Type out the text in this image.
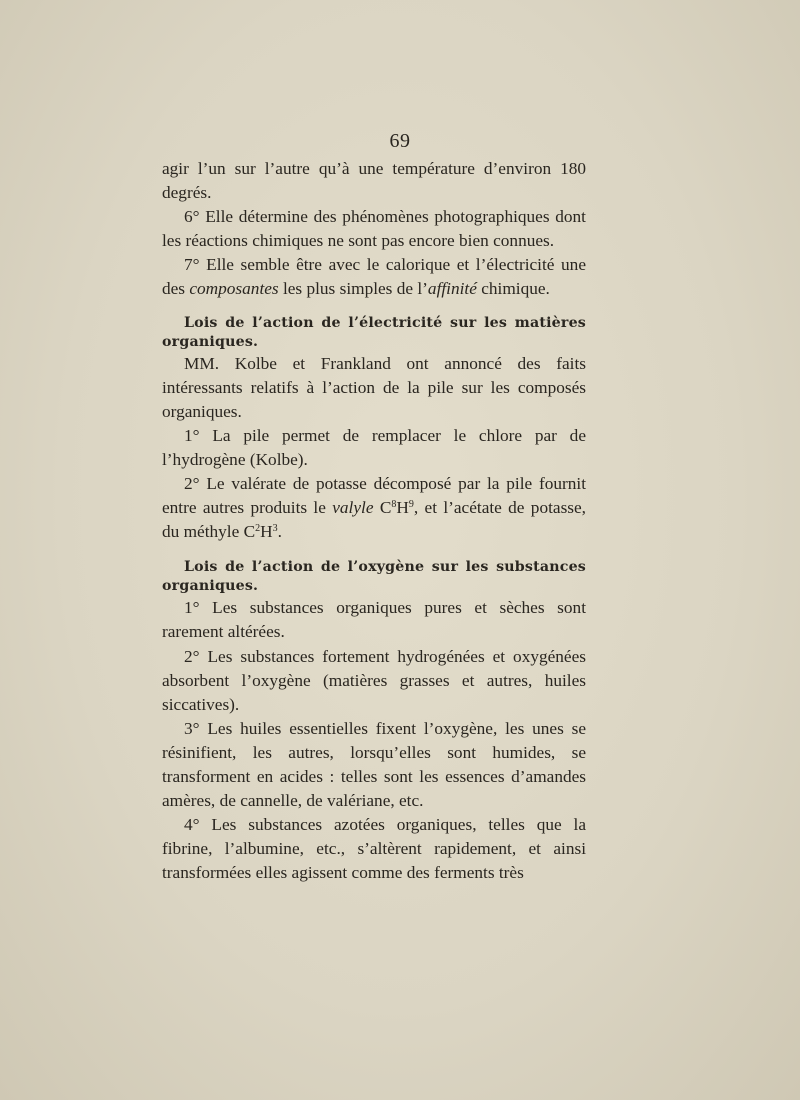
69

agir l’un sur l’autre qu’à une température d’environ 180 degrés.

6° Elle détermine des phénomènes photographiques dont les réactions chimiques ne sont pas encore bien connues.

7° Elle semble être avec le calorique et l’électricité une des composantes les plus simples de l’affinité chimique.

Lois de l’action de l’électricité sur les matières organiques.

MM. Kolbe et Frankland ont annoncé des faits intéressants relatifs à l’action de la pile sur les composés organiques.

1° La pile permet de remplacer le chlore par de l’hydrogène (Kolbe).

2° Le valérate de potasse décomposé par la pile fournit entre autres produits le valyle $C^8H^9$, et l’acétate de potasse, du méthyle $C^2H^3$.

Lois de l’action de l’oxygène sur les substances organiques.

1° Les substances organiques pures et sèches sont rarement altérées.

2° Les substances fortement hydrogénées et oxygénées absorbent l’oxygène (matières grasses et autres, huiles siccatives).

3° Les huiles essentielles fixent l’oxygène, les unes se résinifient, les autres, lorsqu’elles sont humides, se transforment en acides : telles sont les essences d’amandes amères, de cannelle, de valériane, etc.

4° Les substances azotées organiques, telles que la fibrine, l’albumine, etc., s’altèrent rapidement, et ainsi transformées elles agissent comme des ferments très
